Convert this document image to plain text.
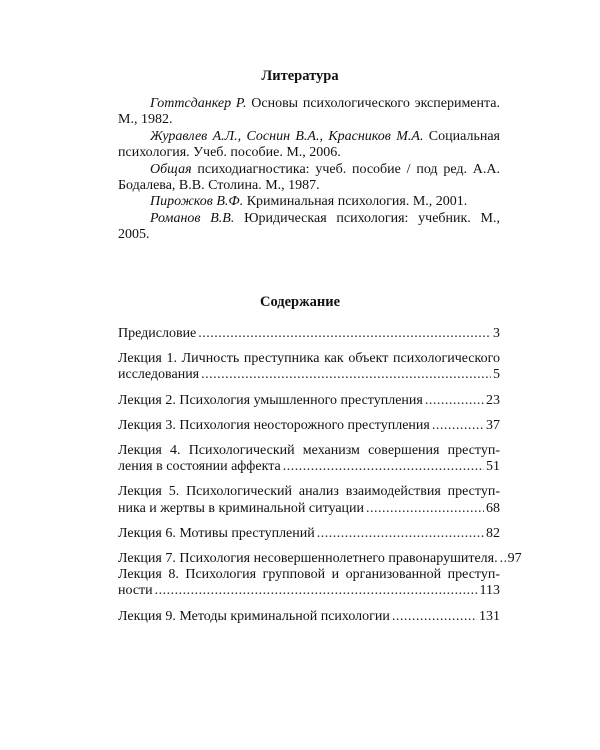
Литература

Готтсданкер Р. Основы психологического эксперимента. М., 1982.

Журавлев А.Л., Соснин В.А., Красников М.А. Социальная психология. Учеб. пособие. М., 2006.

Общая психодиагностика: учеб. пособие / под ред. А.А. Бодалева, В.В. Столина. М., 1987.

Пирожков В.Ф. Криминальная психология. М., 2001.

Романов В.В. Юридическая психология: учебник. М., 2005.

Содержание
Предисловие .....	3
Лекция 1. Личность преступника как объект психологического
исследования .....	5
Лекция 2. Психология умышленного преступления .....	23
Лекция 3. Психология неосторожного преступления .....	37
Лекция 4. Психологический механизм совершения преступ-
ления в состоянии аффекта .....	51
Лекция 5. Психологический анализ взаимодействия преступ-
ника и жертвы в криминальной ситуации .....	68
Лекция 6. Мотивы преступлений .....	82
Лекция 7. Психология несовершеннолетнего правонарушителя. ..... 97
Лекция 8. Психология групповой и организованной преступ-
ности .....	113
Лекция 9. Методы криминальной психологии .....	131
